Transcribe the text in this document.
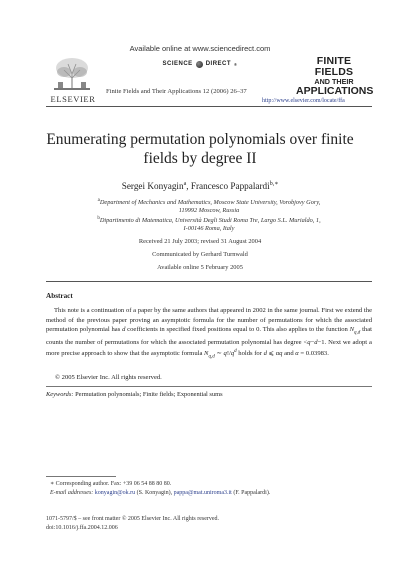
Available online at www.sciencedirect.com
SCIENCE DIRECT ®
ELSEVIER
Finite Fields and Their Applications 12 (2006) 26–37
FINITE FIELDS
AND THEIR
APPLICATIONS
http://www.elsevier.com/locate/ffa
Enumerating permutation polynomials over finite
fields by degree II
Sergei Konyagin$^a$, Francesco Pappalardi$^{b,∗}$
$^a$Department of Mechanics and Mathematics, Moscow State University, Vorobjovy Gory,
119992 Moscow, Russia
$^b$Dipartimento di Matematica, Università Degli Studi Roma Tre, Largo S.L. Murialdo, 1,
I-00146 Roma, Italy
Received 21 July 2003; revised 31 August 2004
Communicated by Gerhard Turnwald
Available online 5 February 2005
Abstract
This note is a continuation of a paper by the same authors that appeared in 2002 in the same journal. First we extend the method of the previous paper proving an asymptotic formula for the number of permutations for which the associated permutation polynomial has d coefficients in specified fixed positions equal to 0. This also applies to the function $N_{q,d}$ that counts the number of permutations for which the associated permutation polynomial has degree <q−d−1. Next we adopt a more precise approach to show that the asymptotic formula $N_{q,d}$ ∼ $q!/q^d$ holds for d ⩽ αq and α = 0.03983.
© 2005 Elsevier Inc. All rights reserved.
Keywords: Permutation polynomials; Finite fields; Exponential sums
∗ Corresponding author. Fax: +39 06 54 88 80 80.
E-mail addresses: konyagin@ok.ru (S. Konyagin), pappa@mat.uniroma3.it (F. Pappalardi).
1071-5797/$ – see front matter © 2005 Elsevier Inc. All rights reserved.
doi:10.1016/j.ffa.2004.12.006
